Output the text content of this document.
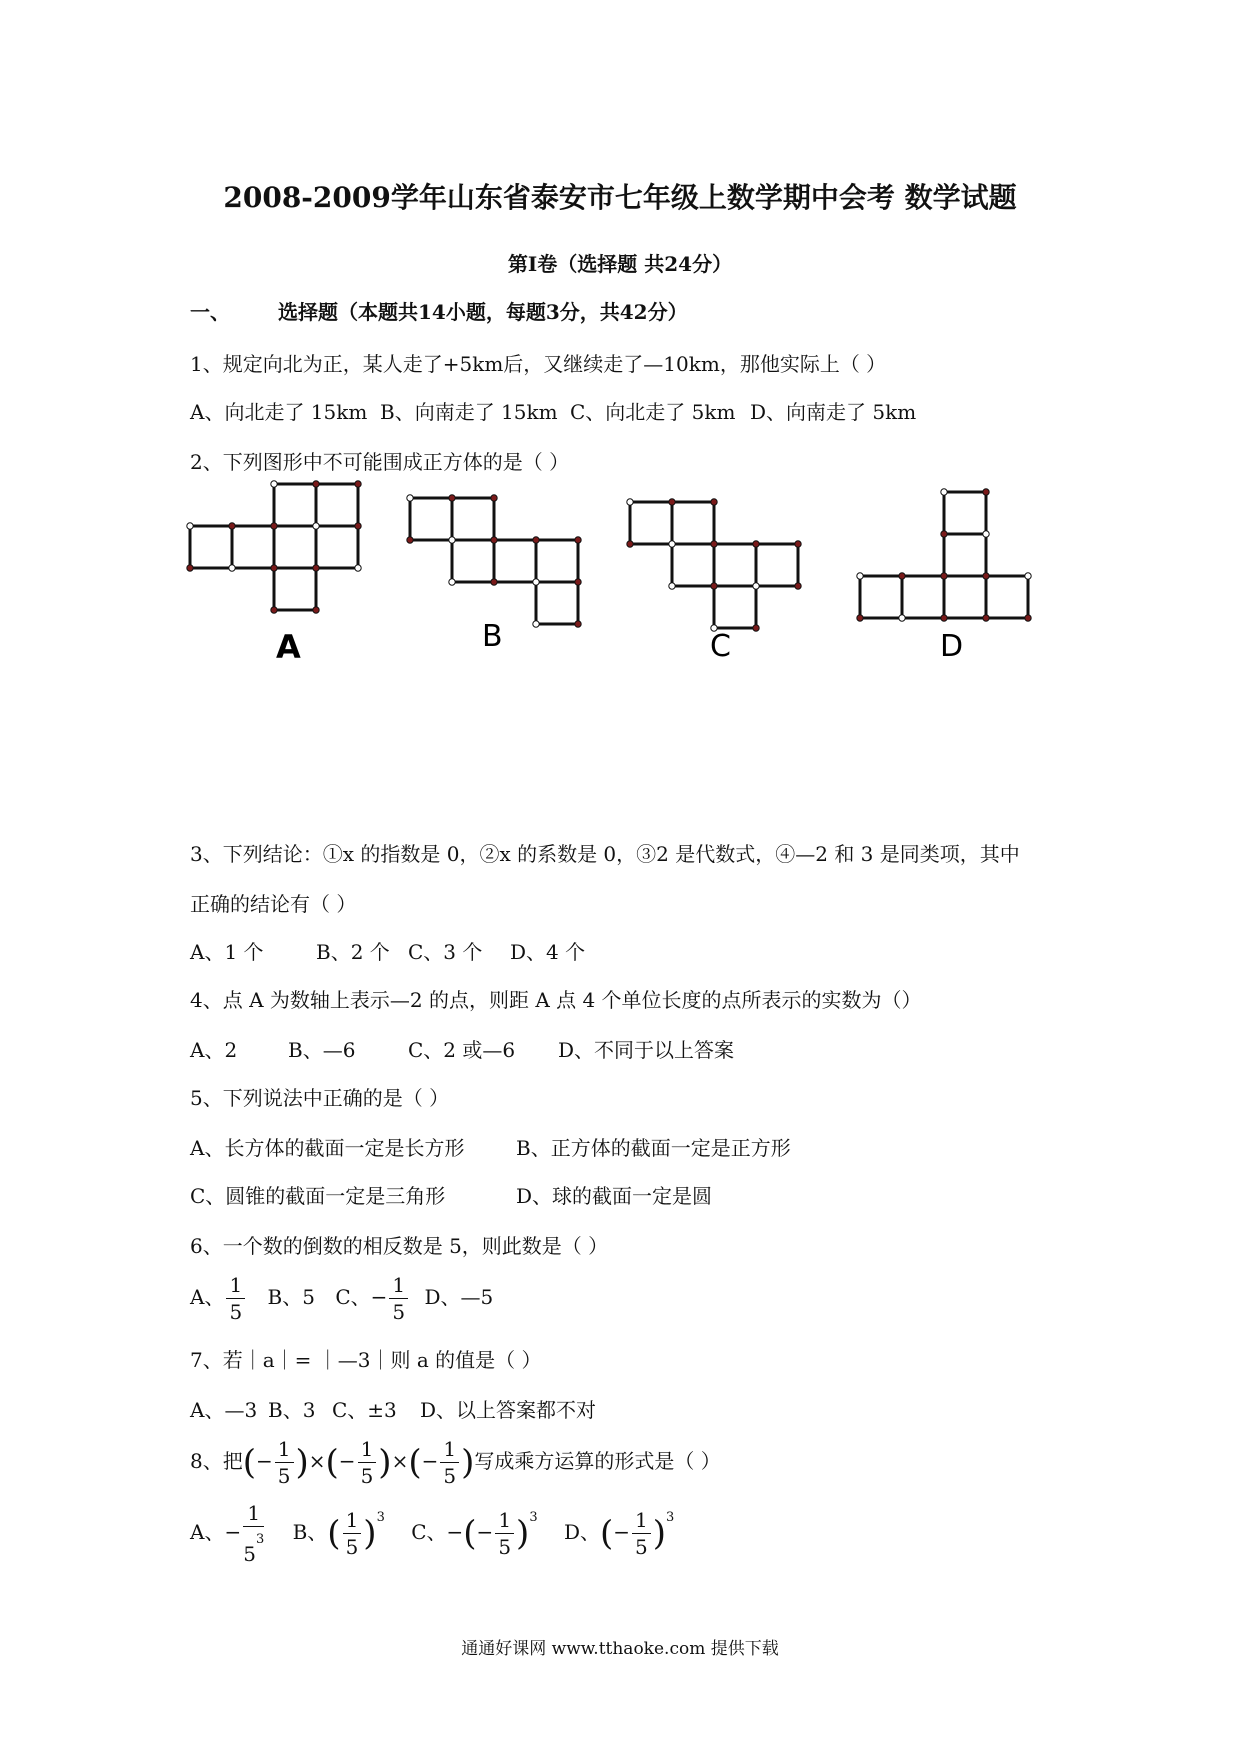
2008-2009学年山东省泰安市七年级上数学期中会考 数学试题
第I卷（选择题 共24分）
一、 选择题（本题共14小题，每题3分，共42分）
1、规定向北为正，某人走了+5km后，又继续走了—10km，那他实际上（ ）
A、向北走了 15km B、向南走了 15km C、向北走了 5km D、向南走了 5km
2、下列图形中不可能围成正方体的是（ ）
A	B	C	D
3、下列结论：①x 的指数是 0，②x 的系数是 0，③2 是代数式，④—2 和 3 是同类项，其中
正确的结论有（ ）
A、1 个	B、2 个 C、3 个 D、4 个
4、点 A 为数轴上表示—2 的点，则距 A 点 4 个单位长度的点所表示的实数为（）
A、2	B、—6	C、2 或—6 D、不同于以上答案
5、下列说法中正确的是（ ）
A、长方体的截面一定是长方形	B、正方体的截面一定是正方形
C、圆锥的截面一定是三角形	D、球的截面一定是圆
6、一个数的倒数的相反数是 5，则此数是（ ）
A、 $\frac{1}{5}$ B、5 C、− $\frac{1}{5}$ D、—5
7、若｜a｜= ｜—3｜则 a 的值是（ ）
A、—3 B、3 C、±3 D、以上答案都不对
8、把(− $\frac{1}{5}$ )×(− $\frac{1}{5}$ )×(− $\frac{1}{5}$ )写成乘方运算的形式是（ ）
A、− $\frac{1}{5^3}$ B、( $\frac{1}{5} )^3$ C、−(− $\frac{1}{5} )^3$ D、(− $\frac{1}{5} )^3$
通通好课网 www.tthaoke.com 提供下载
